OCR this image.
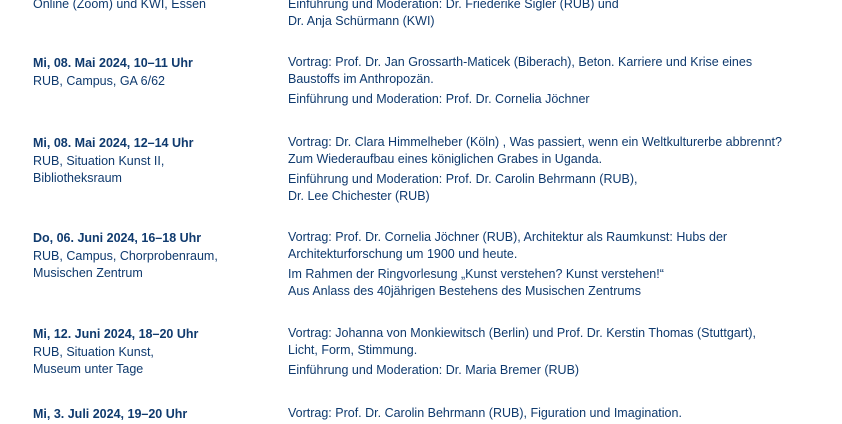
Online (Zoom) und KWI, Essen	Einführung und Moderation: Dr. Friederike Sigler (RUB) und
Dr. Anja Schürmann (KWI)
Mi, 08. Mai 2024, 10–11 Uhr
RUB, Campus, GA 6/62
Vortrag: Prof. Dr. Jan Grossarth-Maticek (Biberach), Beton. Karriere und Krise eines Baustoffs im Anthropozän.
Einführung und Moderation: Prof. Dr. Cornelia Jöchner
Mi, 08. Mai 2024, 12–14 Uhr
RUB, Situation Kunst II,
Bibliotheksraum
Vortrag: Dr. Clara Himmelheber (Köln) , Was passiert, wenn ein Weltkulturerbe abbrennt? Zum Wiederaufbau eines königlichen Grabes in Uganda.
Einführung und Moderation: Prof. Dr. Carolin Behrmann (RUB),
Dr. Lee Chichester (RUB)
Do, 06. Juni 2024, 16–18 Uhr
RUB, Campus, Chorprobenraum,
Musischen Zentrum
Vortrag: Prof. Dr. Cornelia Jöchner (RUB), Architektur als Raumkunst: Hubs der Architekturforschung um 1900 und heute.
Im Rahmen der Ringvorlesung „Kunst verstehen? Kunst verstehen!“
Aus Anlass des 40jährigen Bestehens des Musischen Zentrums
Mi, 12. Juni 2024, 18–20 Uhr
RUB, Situation Kunst,
Museum unter Tage
Vortrag: Johanna von Monkiewitsch (Berlin) und Prof. Dr. Kerstin Thomas (Stuttgart), Licht, Form, Stimmung.
Einführung und Moderation: Dr. Maria Bremer (RUB)
Mi, 3. Juli 2024, 19–20 Uhr	Vortrag: Prof. Dr. Carolin Behrmann (RUB), Figuration und Imagination.
